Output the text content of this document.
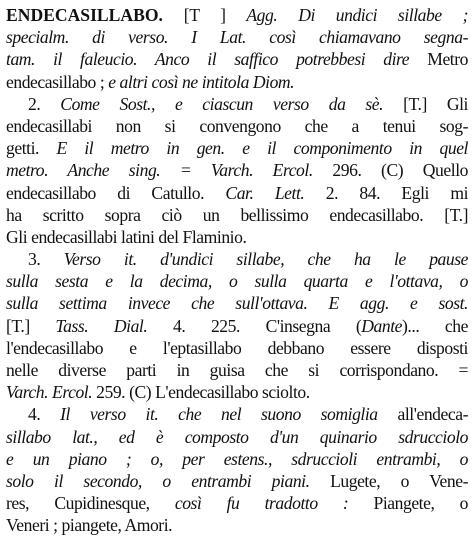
ENDECASILLABO. [T ] Agg. Di undici sillabe ;
specialm. di verso. I Lat. così chiamavano segna-
tam. il faleucio. Anco il saffico potrebbesi dire Metro
endecasillabo ; e altri così ne intitola Diom.
2. Come Sost., e ciascun verso da sè. [T.] Gli
endecasillabi non si convengono che a tenui sog-
getti. E il metro in gen. e il componimento in quel
metro. Anche sing. = Varch. Ercol. 296. (C) Quello
endecasillabo di Catullo. Car. Lett. 2. 84. Egli mi
ha scritto sopra ciò un bellissimo endecasillabo. [T.]
Gli endecasillabi latini del Flaminio.
3. Verso it. d'undici sillabe, che ha le pause
sulla sesta e la decima, o sulla quarta e l'ottava, o
sulla settima invece che sull'ottava. E agg. e sost.
[T.] Tass. Dial. 4. 225. C'insegna (Dante)... che
l'endecasillabo e l'eptasillabo debbano essere disposti
nelle diverse parti in guisa che si corrispondano. =
Varch. Ercol. 259. (C) L'endecasillabo sciolto.
4. Il verso it. che nel suono somiglia all'endeca-
sillabo lat., ed è composto d'un quinario sdrucciolo
e un piano ; o, per estens., sdruccioli entrambi, o
solo il secondo, o entrambi piani. Lugete, o Vene-
res, Cupidinesque, così fu tradotto : Piangete, o
Veneri ; piangete, Amori.
